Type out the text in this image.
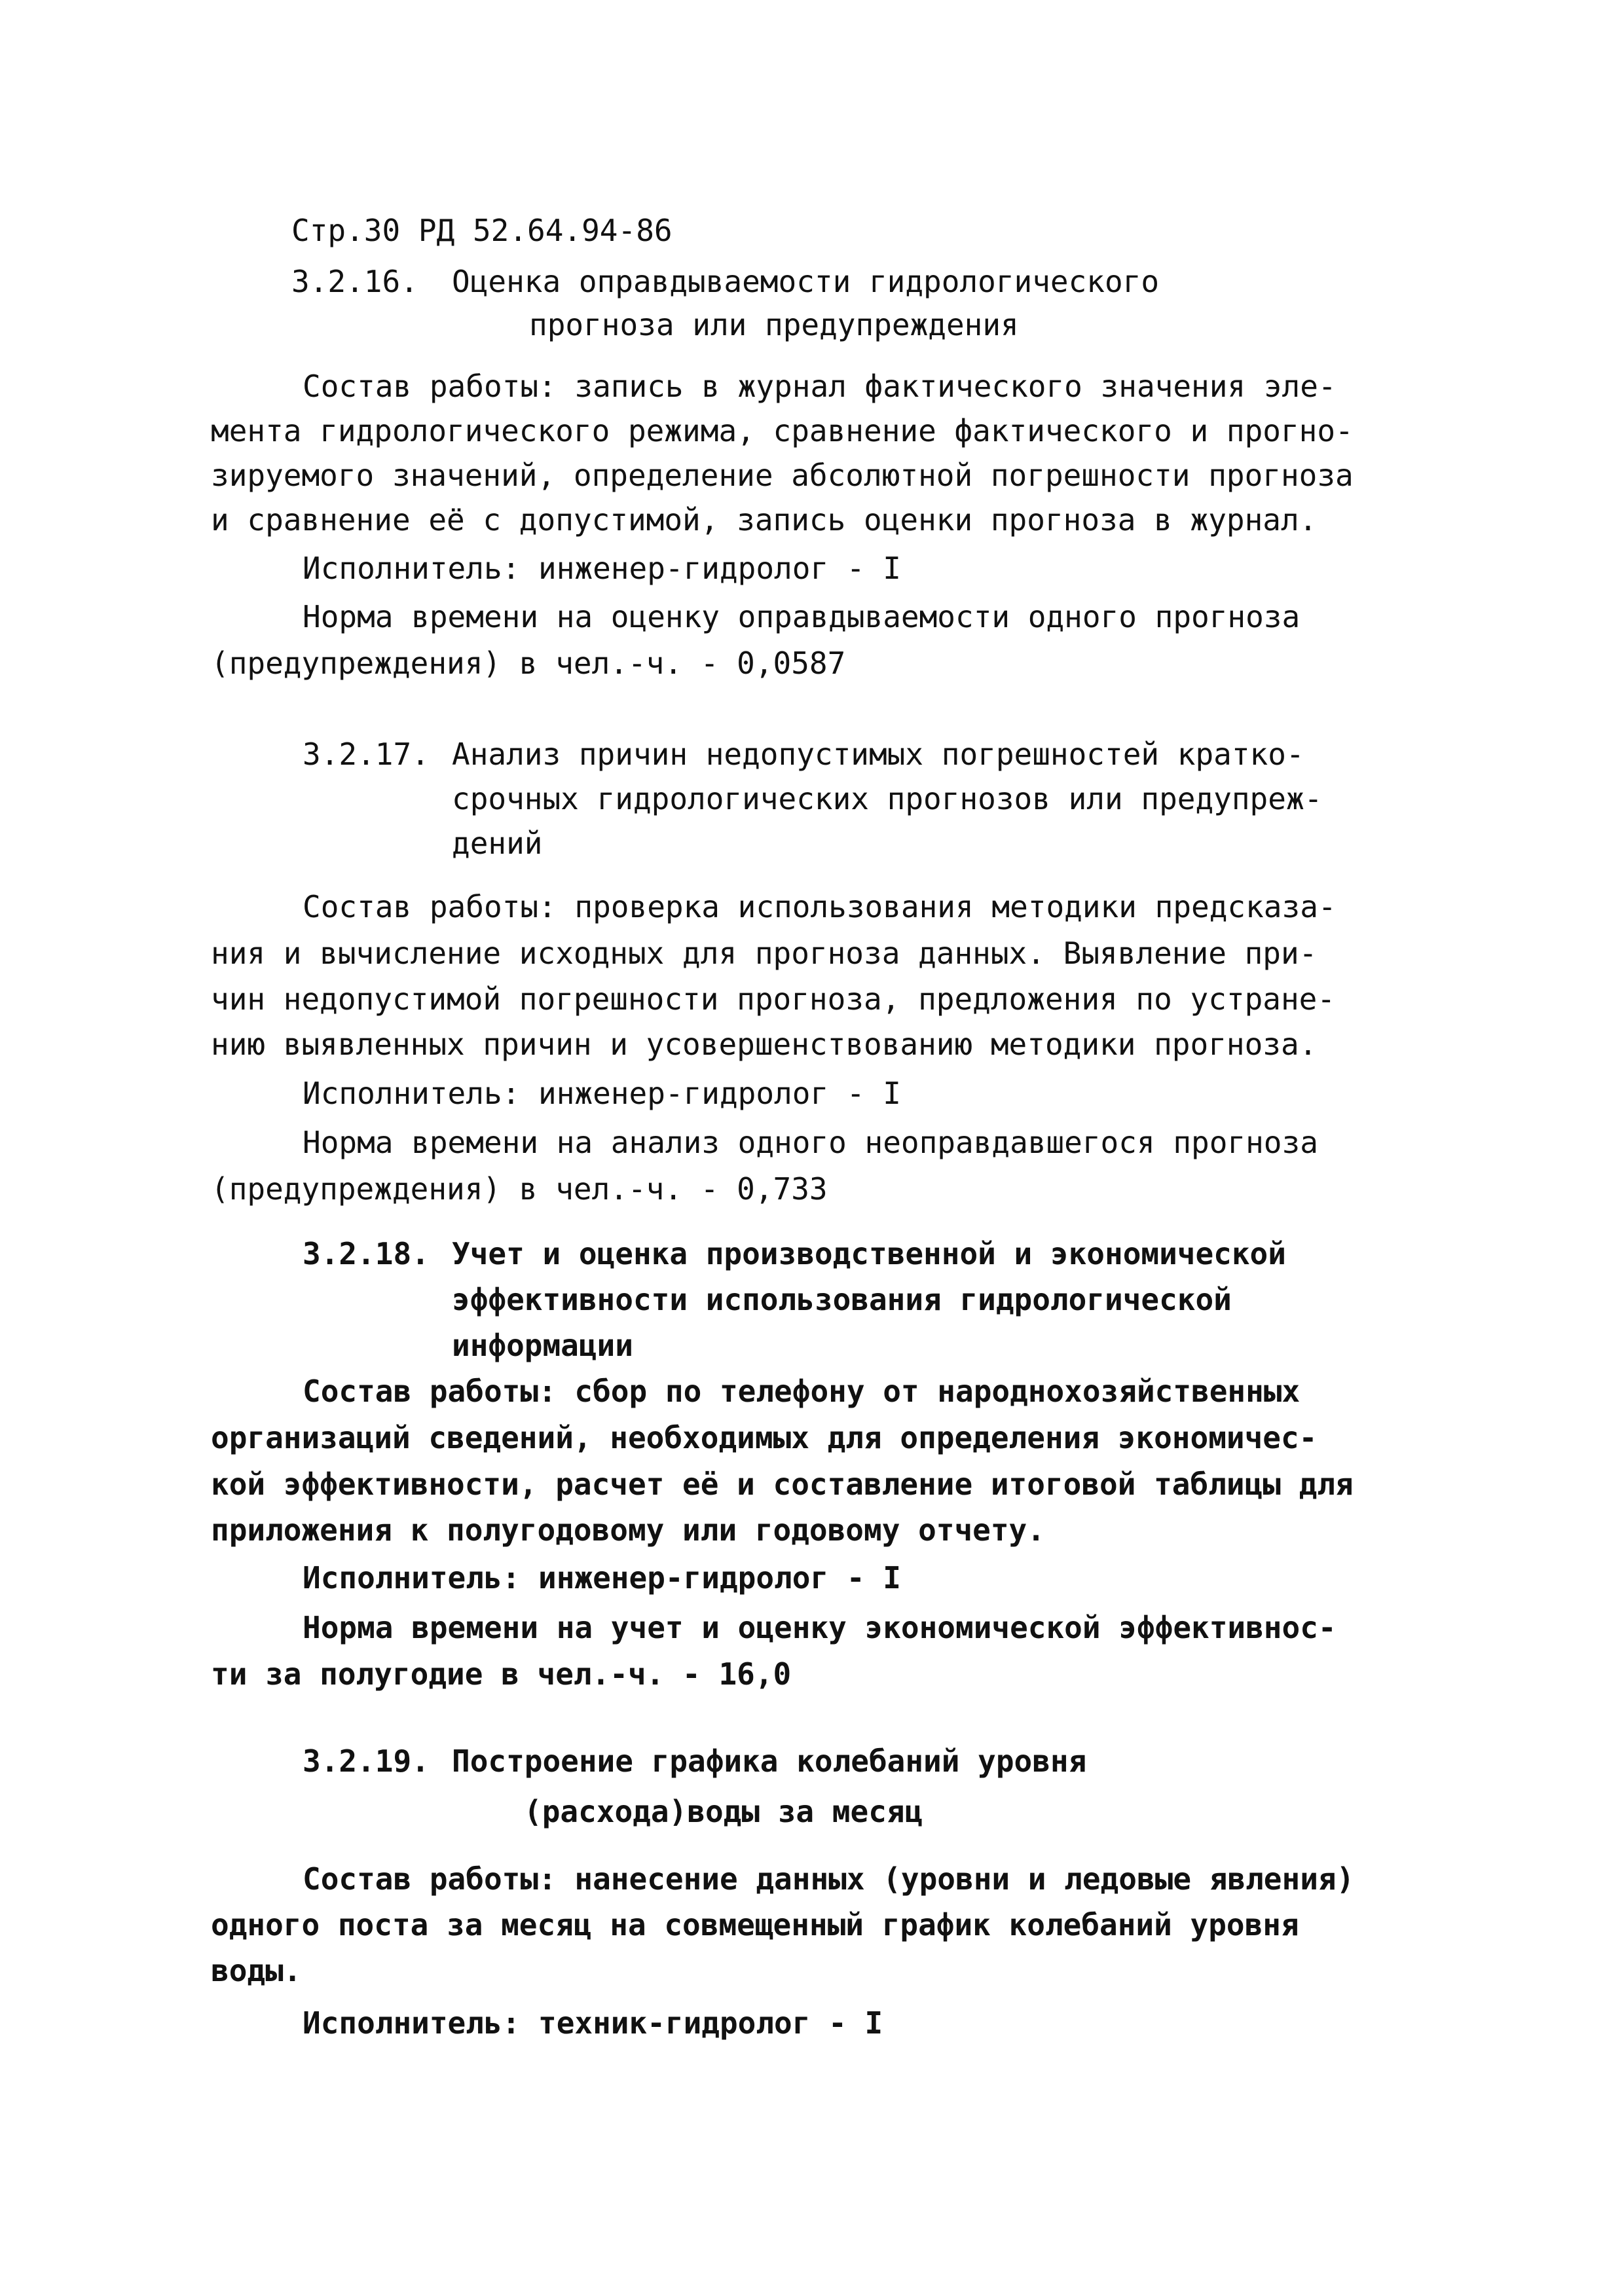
Стр.30 РД 52.64.94-86
3.2.16. Оценка оправдываемости гидрологического
прогноза или предупреждения
Состав работы: запись в журнал фактического значения эле-
мента гидрологического режима, сравнение фактического и прогно-
зируемого значений, определение абсолютной погрешности прогноза
и сравнение её с допустимой, запись оценки прогноза в журнал.
Исполнитель: инженер-гидролог - I
Норма времени на оценку оправдываемости одного прогноза
(предупреждения) в чел.-ч. - 0,0587
3.2.17. Анализ причин недопустимых погрешностей кратко-
срочных гидрологических прогнозов или предупреж-
дений
Состав работы: проверка использования методики предсказа-
ния и вычисление исходных для прогноза данных. Выявление при-
чин недопустимой погрешности прогноза, предложения по устране-
нию выявленных причин и усовершенствованию методики прогноза.
Исполнитель: инженер-гидролог - I
Норма времени на анализ одного неоправдавшегося прогноза
(предупреждения) в чел.-ч. - 0,733
3.2.18. Учет и оценка производственной и экономической
эффективности использования гидрологической
информации
Состав работы: сбор по телефону от народнохозяйственных
организаций сведений, необходимых для определения экономичес-
кой эффективности, расчет её и составление итоговой таблицы для
приложения к полугодовому или годовому отчету.
Исполнитель: инженер-гидролог - I
Норма времени на учет и оценку экономической эффективнос-
ти за полугодие в чел.-ч. - 16,0
3.2.19. Построение графика колебаний уровня
(расхода)воды за месяц
Состав работы: нанесение данных (уровни и ледовые явления)
одного поста за месяц на совмещенный график колебаний уровня
воды.
Исполнитель: техник-гидролог - I
